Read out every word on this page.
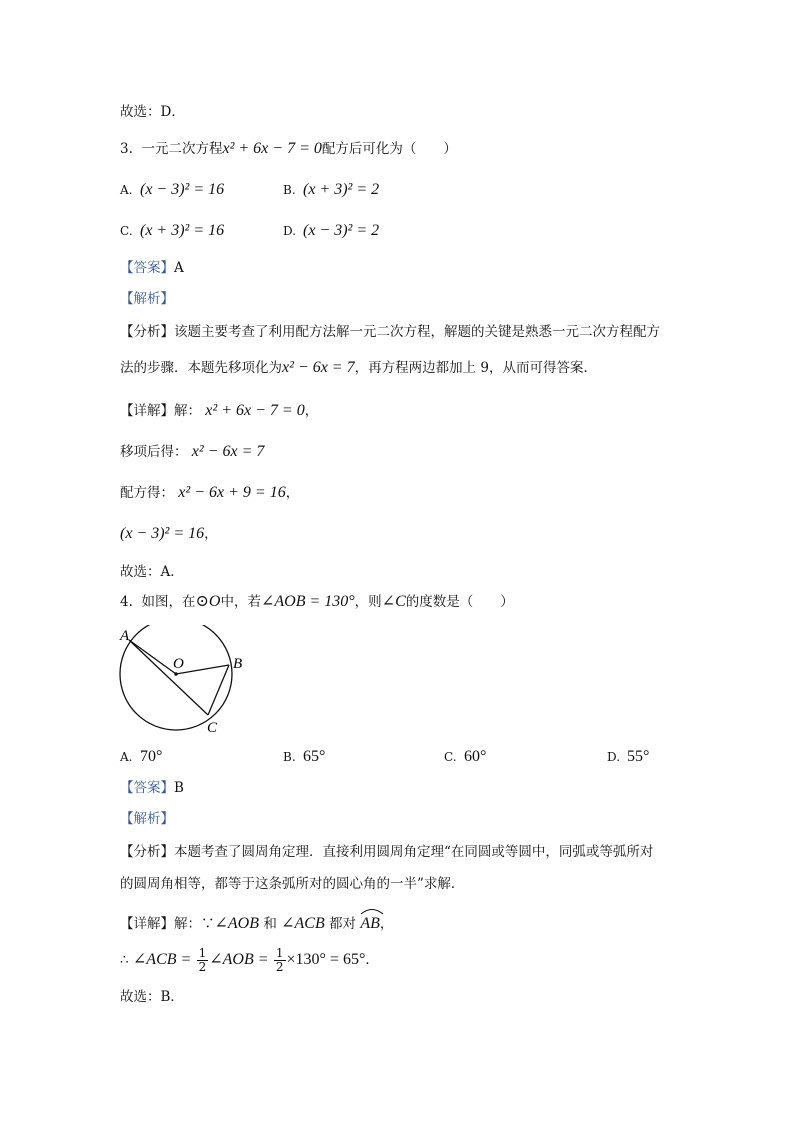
故选：D．
3. 一元二次方程x² + 6x − 7 = 0配方后可化为（　　）
A. (x − 3)² = 16	B. (x + 3)² = 2
C. (x + 3)² = 16	D. (x − 3)² = 2
【答案】A
【解析】
【分析】该题主要考查了利用配方法解一元二次方程，解题的关键是熟悉一元二次方程配方
法的步骤．本题先移项化为x² − 6x = 7，再方程两边都加上 9，从而可得答案．
【详解】解： x² + 6x − 7 = 0，
移项后得： x² − 6x = 7
配方得： x² − 6x + 9 = 16，
(x − 3)² = 16，
故选：A．
4. 如图，在⊙O中，若∠AOB = 130°，则∠C的度数是（　　）
A
O	B
C
A. 70°	B. 65°	C. 60°	D. 55°
【答案】B
【解析】
【分析】本题考查了圆周角定理．直接利用圆周角定理“在同圆或等圆中，同弧或等弧所对
的圆周角相等，都等于这条弧所对的圆心角的一半”求解．
【详解】解：∵∠AOB 和 ∠ACB 都对 AB，
∴ ∠ACB = $\frac{1}{2}$ ∠AOB = $\frac{1}{2} \times 130^\circ = 65^\circ$．
故选：B．
